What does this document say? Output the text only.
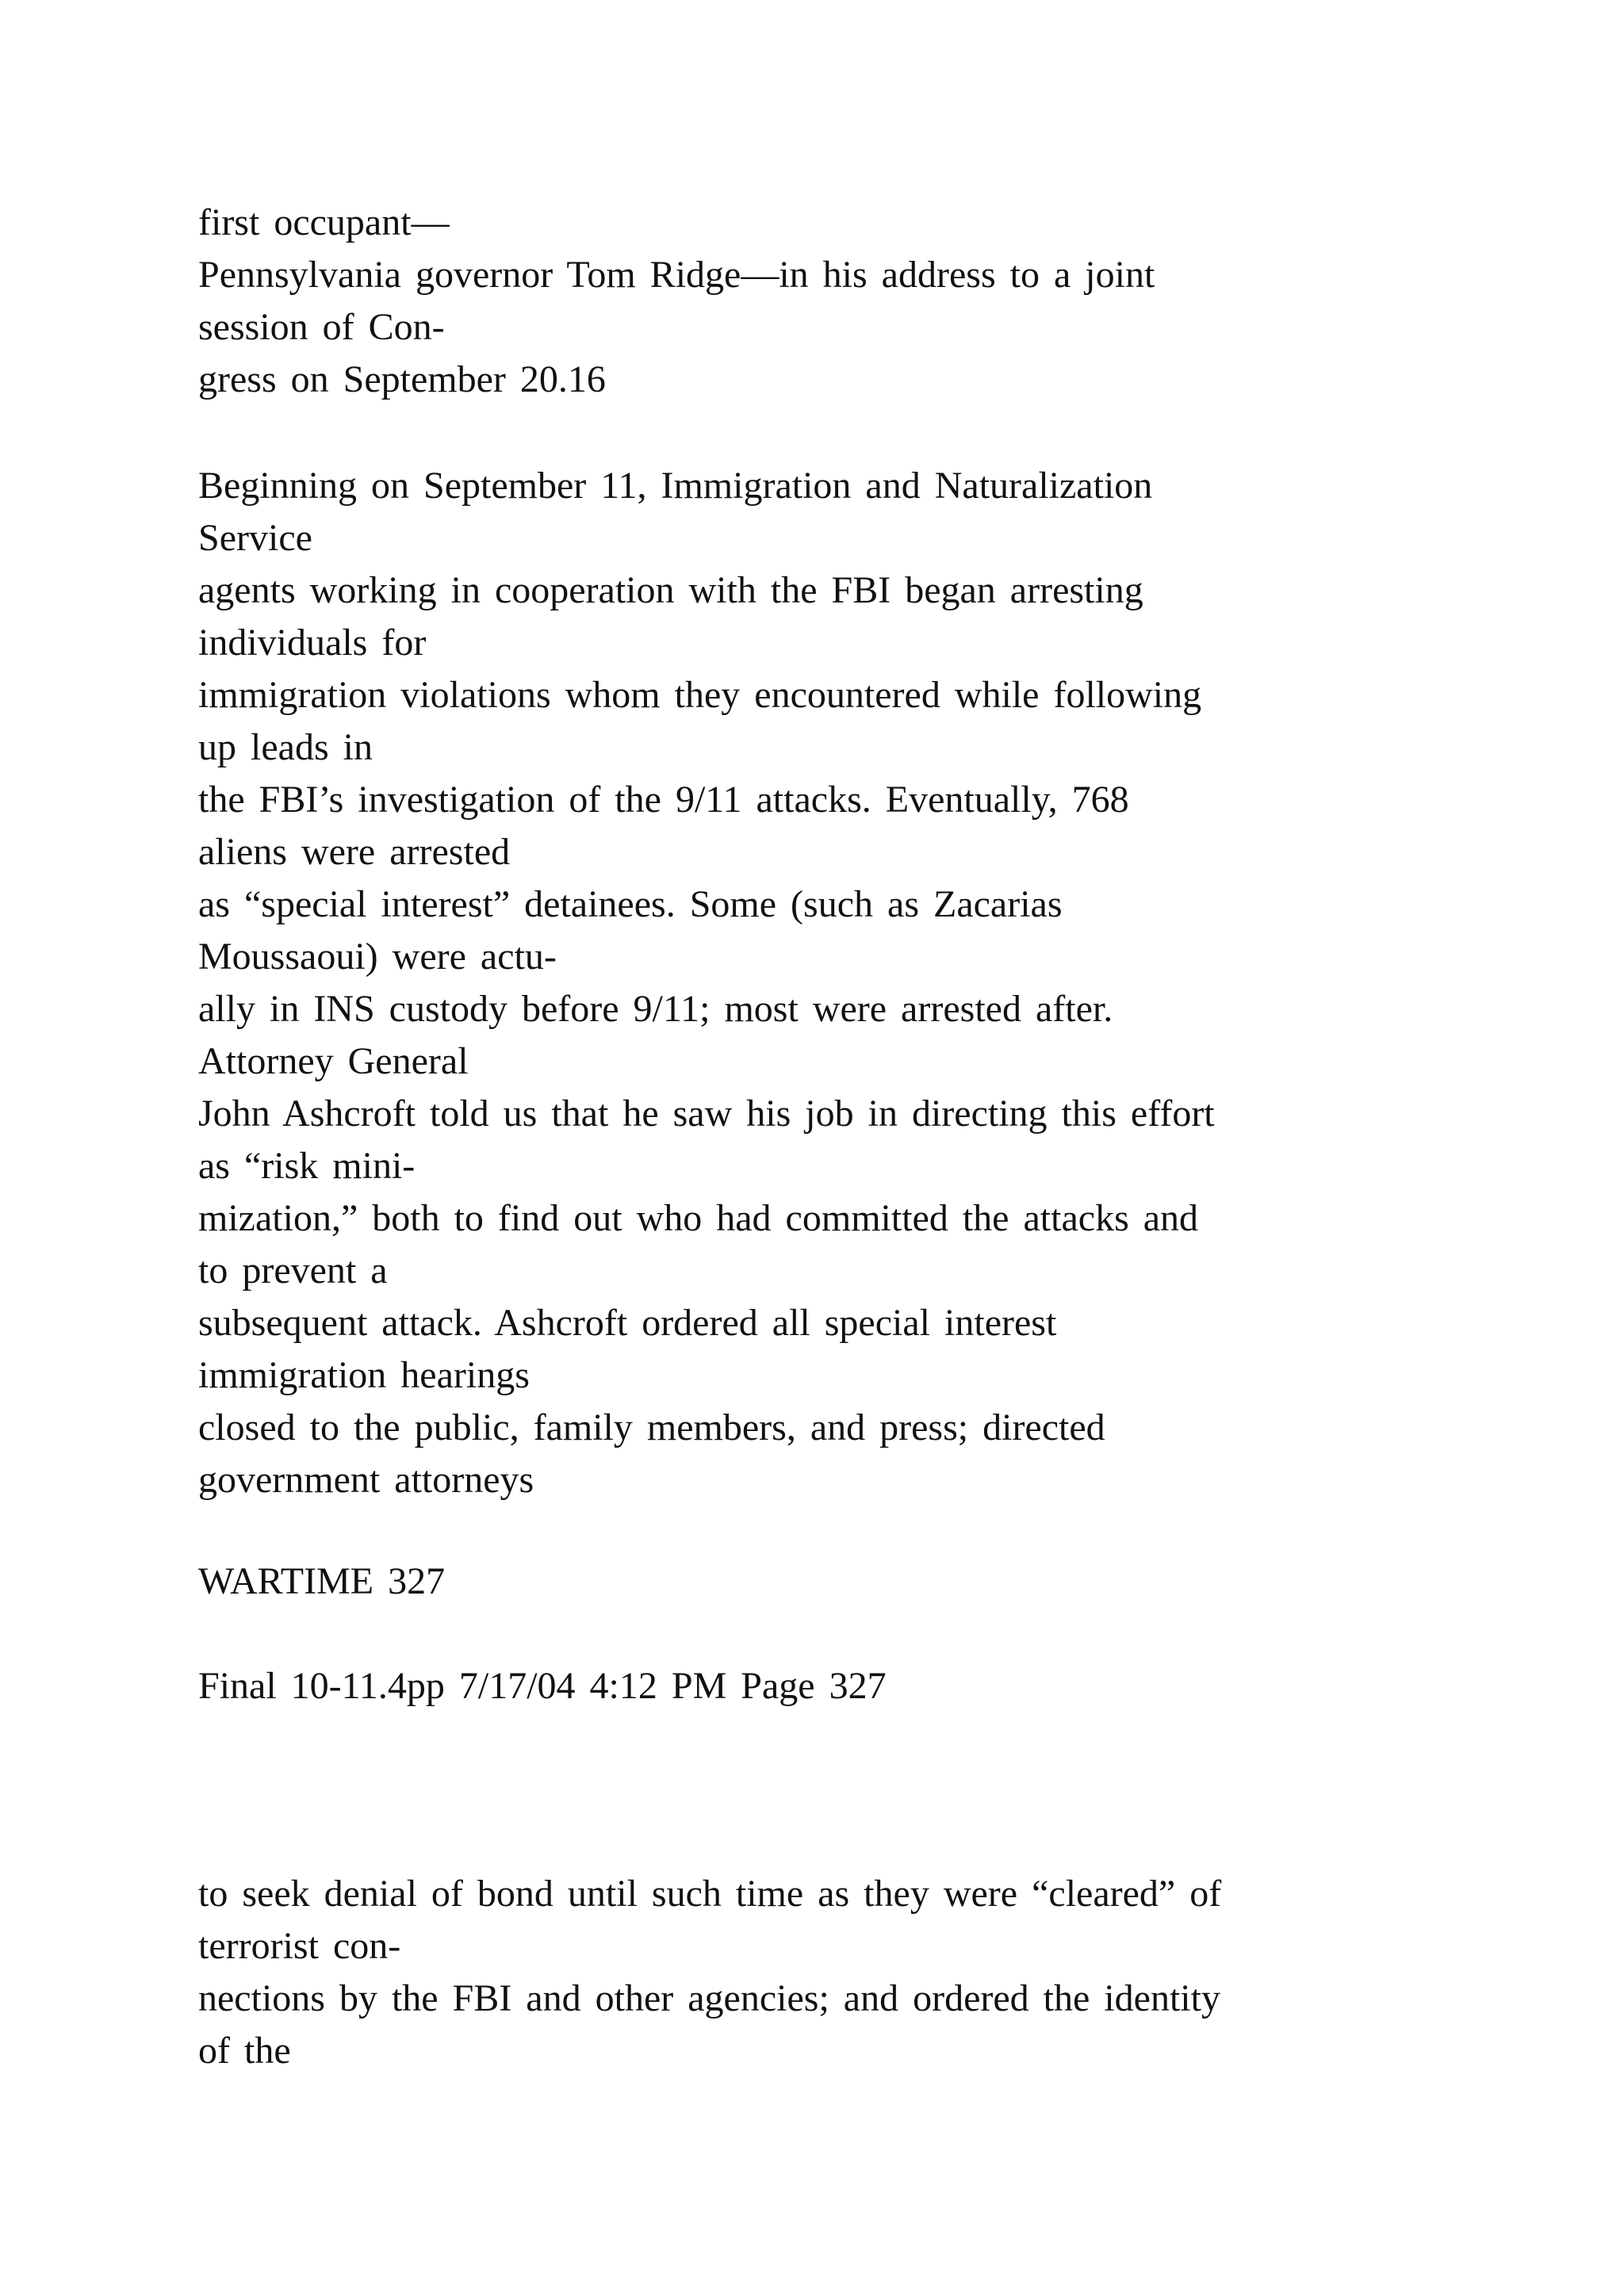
first occupant—
Pennsylvania governor Tom Ridge—in his address to a joint
session of Con-
gress on September 20.16
Beginning on September 11, Immigration and Naturalization
Service
agents working in cooperation with the FBI began arresting
individuals for
immigration violations whom they encountered while following
up leads in
the FBI’s investigation of the 9/11 attacks. Eventually, 768
aliens were arrested
as “special interest” detainees. Some (such as Zacarias
Moussaoui) were actu-
ally in INS custody before 9/11; most were arrested after.
Attorney General
John Ashcroft told us that he saw his job in directing this effort
as “risk mini-
mization,” both to find out who had committed the attacks and
to prevent a
subsequent attack. Ashcroft ordered all special interest
immigration hearings
closed to the public, family members, and press; directed
government attorneys
WARTIME 327
Final 10-11.4pp 7/17/04 4:12 PM Page 327
to seek denial of bond until such time as they were “cleared” of
terrorist con-
nections by the FBI and other agencies; and ordered the identity
of the
